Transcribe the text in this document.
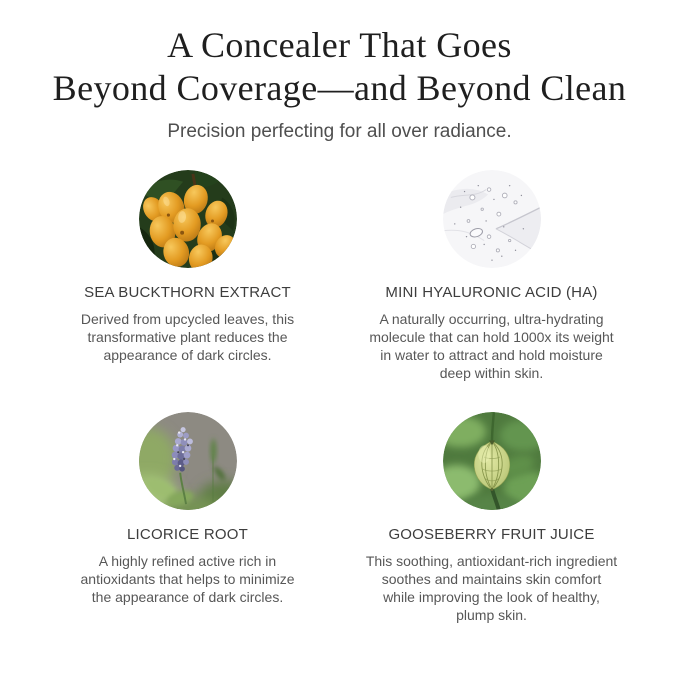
A Concealer That Goes
Beyond Coverage—and Beyond Clean

Precision perfecting for all over radiance.

SEA BUCKTHORN EXTRACT

Derived from upcycled leaves, this
transformative plant reduces the
appearance of dark circles.

MINI HYALURONIC ACID (HA)

A naturally occurring, ultra-hydrating
molecule that can hold 1000x its weight
in water to attract and hold moisture
deep within skin.

LICORICE ROOT

A highly refined active rich in
antioxidants that helps to minimize
the appearance of dark circles.

GOOSEBERRY FRUIT JUICE

This soothing, antioxidant-rich ingredient
soothes and maintains skin comfort
while improving the look of healthy,
plump skin.
